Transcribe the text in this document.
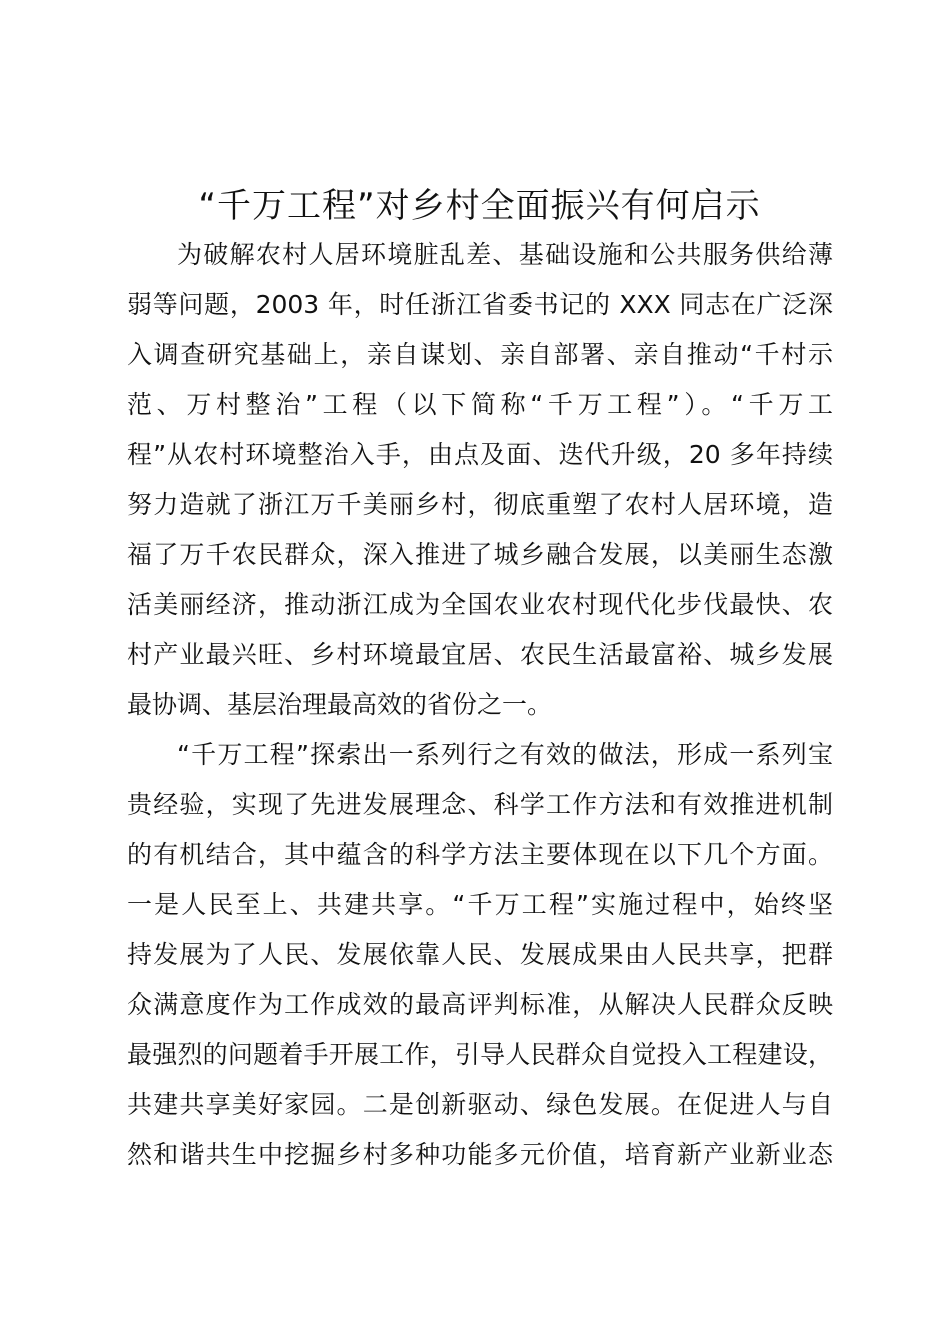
“千万工程”对乡村全面振兴有何启示
为破解农村人居环境脏乱差、基础设施和公共服务供给薄
弱等问题，2003 年，时任浙江省委书记的 XXX 同志在广泛深
入调查研究基础上，亲自谋划、亲自部署、亲自推动“千村示
范、万村整治”工程（以下简称“千万工程”）。“千万工
程”从农村环境整治入手，由点及面、迭代升级，20 多年持续
努力造就了浙江万千美丽乡村，彻底重塑了农村人居环境，造
福了万千农民群众，深入推进了城乡融合发展，以美丽生态激
活美丽经济，推动浙江成为全国农业农村现代化步伐最快、农
村产业最兴旺、乡村环境最宜居、农民生活最富裕、城乡发展
最协调、基层治理最高效的省份之一。
“千万工程”探索出一系列行之有效的做法，形成一系列宝
贵经验，实现了先进发展理念、科学工作方法和有效推进机制
的有机结合，其中蕴含的科学方法主要体现在以下几个方面。
一是人民至上、共建共享。“千万工程”实施过程中，始终坚
持发展为了人民、发展依靠人民、发展成果由人民共享，把群
众满意度作为工作成效的最高评判标准，从解决人民群众反映
最强烈的问题着手开展工作，引导人民群众自觉投入工程建设，
共建共享美好家园。二是创新驱动、绿色发展。在促进人与自
然和谐共生中挖掘乡村多种功能多元价值，培育新产业新业态
